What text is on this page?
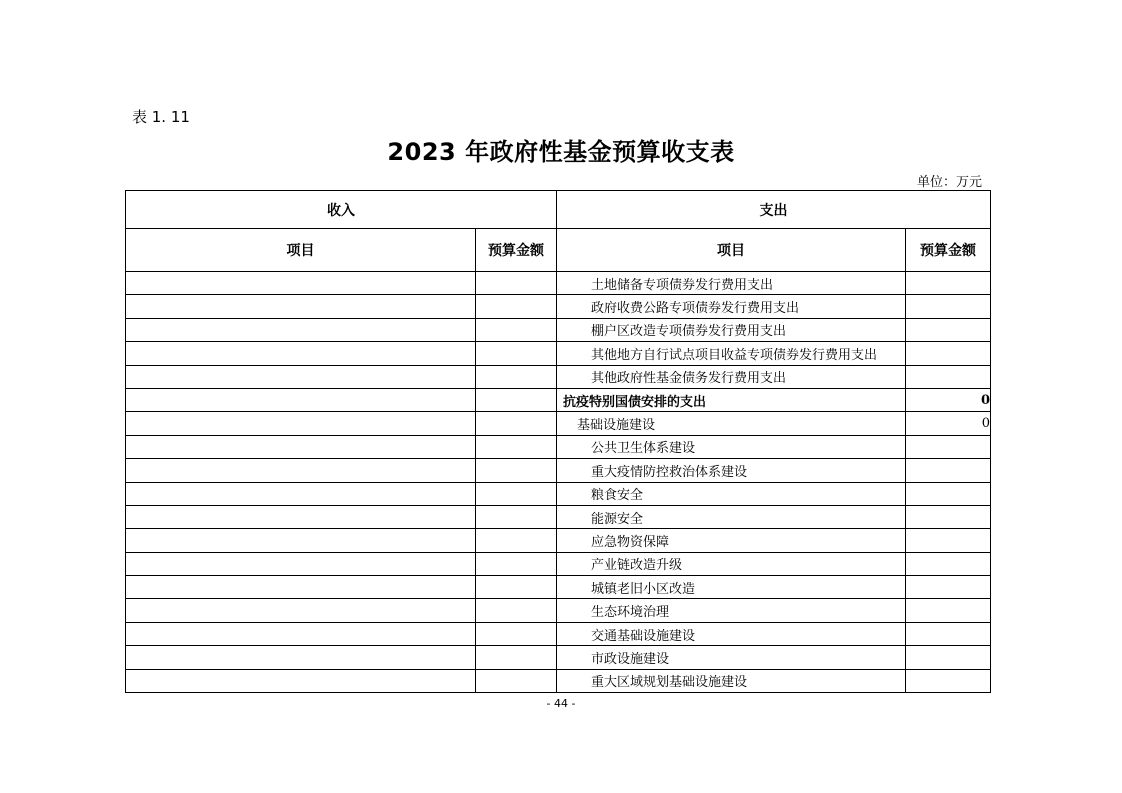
表 1. 11
2023 年政府性基金预算收支表
单位：万元
收入		支出	
项目	预算金额	项目	预算金额
		土地储备专项债券发行费用支出	
		政府收费公路专项债券发行费用支出	
		棚户区改造专项债券发行费用支出	
		其他地方自行试点项目收益专项债券发行费用支出	
		其他政府性基金债务发行费用支出	
		抗疫特别国债安排的支出	0
		基础设施建设	0
		公共卫生体系建设	
		重大疫情防控救治体系建设	
		粮食安全	
		能源安全	
		应急物资保障	
		产业链改造升级	
		城镇老旧小区改造	
		生态环境治理	
		交通基础设施建设	
		市政设施建设	
		重大区域规划基础设施建设	
- 44 -
